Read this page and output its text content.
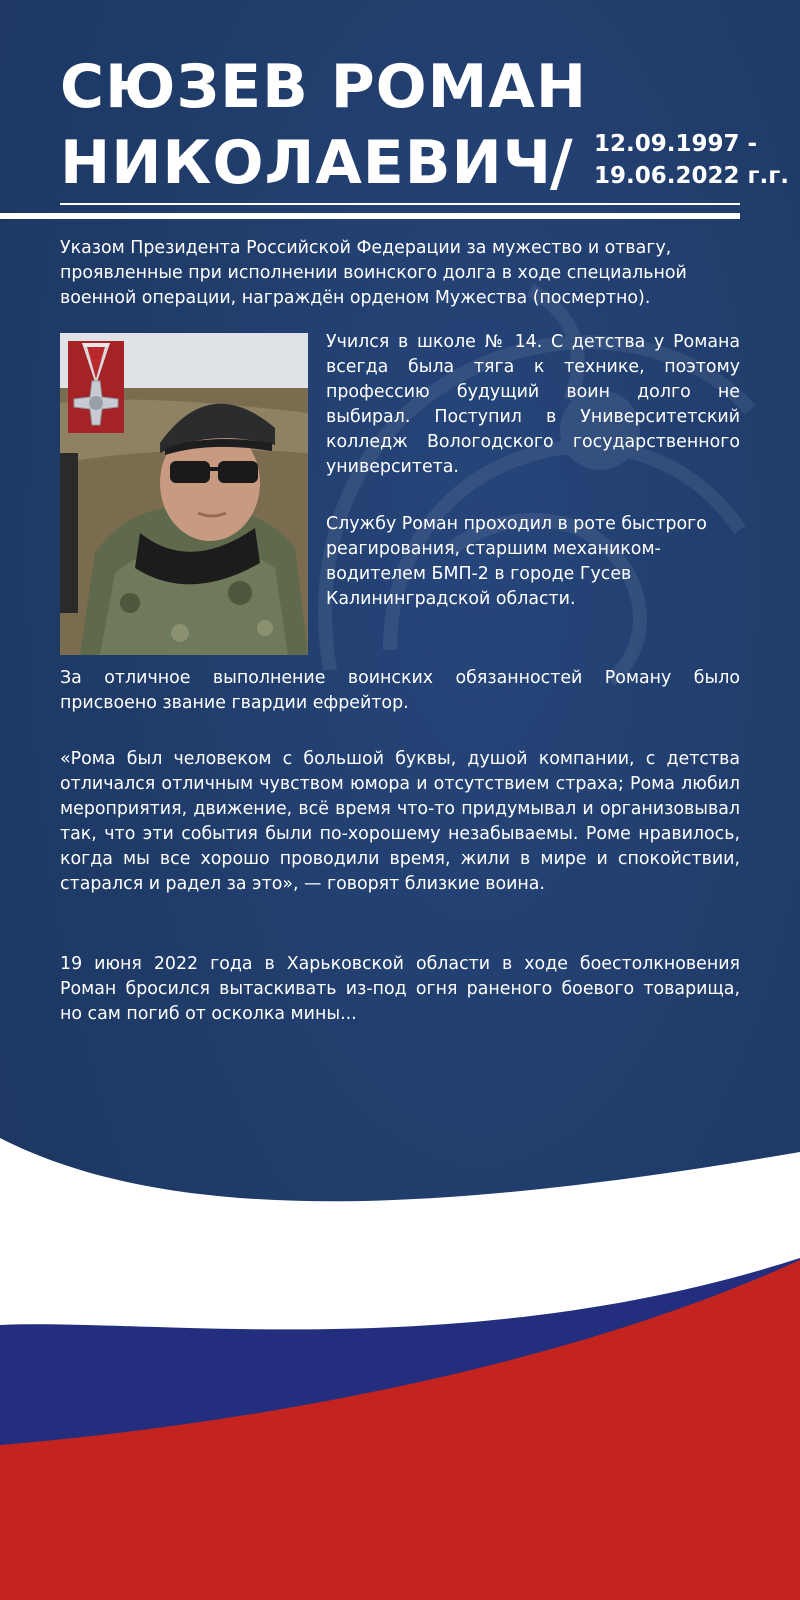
СЮЗЕВ РОМАН
НИКОЛАЕВИЧ
/ 12.09.1997 -
19.06.2022 г.г.

Указом Президента Российской Федерации за мужество и отвагу, проявленные при исполнении воинского долга в ходе специальной военной операции, награждён орденом Мужества (посмертно).

Учился в школе № 14. С детства у Романа всегда была тяга к технике, поэтому профессию будущий воин долго не выбирал. Поступил в Университетский колледж Вологодского государственного университета.

Службу Роман проходил в роте быстрого реагирования, старшим механиком-водителем БМП-2 в городе Гусев Калининградской области.

За отличное выполнение воинских обязанностей Роману было присвоено звание гвардии ефрейтор.

«Рома был человеком с большой буквы, душой компании, с детства отличался отличным чувством юмора и отсутствием страха; Рома любил мероприятия, движение, всё время что-то придумывал и организовывал так, что эти события были по-хорошему незабываемы. Роме нравилось, когда мы все хорошо проводили время, жили в мире и спокойствии, старался и радел за это», — говорят близкие воина.

19 июня 2022 года в Харьковской области в ходе боестолкновения Роман бросился вытаскивать из-под огня раненого боевого товарища, но сам погиб от осколка мины...
